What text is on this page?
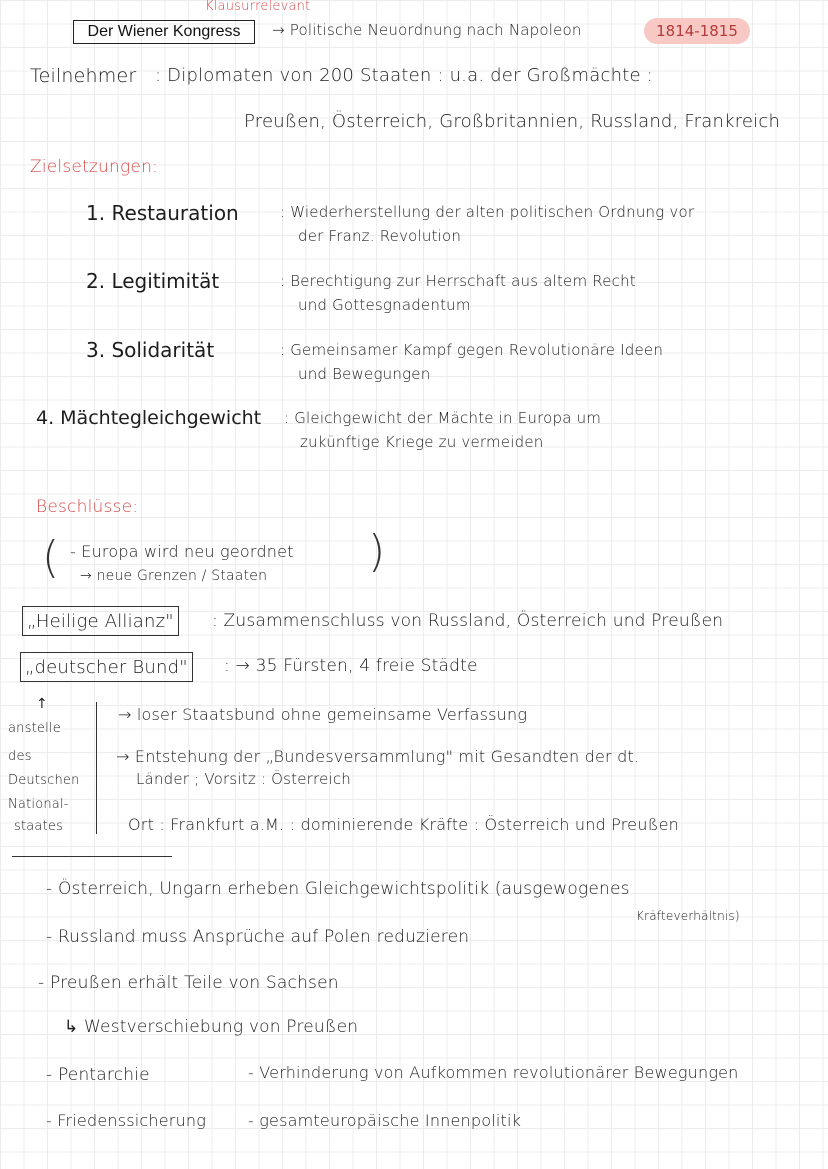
Klausurrelevant
Der Wiener Kongress	→ Politische Neuordnung nach Napoleon	1814-1815
Teilnehmer : Diplomaten von 200 Staaten : u.a. der Großmächte :
Preußen, Österreich, Großbritannien, Russland, Frankreich
Zielsetzungen:
1. Restauration	: Wiederherstellung der alten politischen Ordnung vor
der Franz. Revolution
2. Legitimität	: Berechtigung zur Herrschaft aus altem Recht
und Gottesgnadentum
3. Solidarität	: Gemeinsamer Kampf gegen Revolutionäre Ideen
und Bewegungen
4. Mächtegleichgewicht : Gleichgewicht der Mächte in Europa um
zukünftige Kriege zu vermeiden
Beschlüsse:
( - Europa wird neu geordnet
→ neue Grenzen / Staaten )
„Heilige Allianz" : Zusammenschluss von Russland, Österreich und Preußen
„deutscher Bund" : → 35 Fürsten, 4 freie Städte
↑
anstelle
des
Deutschen
National-
staates
→ loser Staatsbund ohne gemeinsame Verfassung
→ Entstehung der „Bundesversammlung" mit Gesandten der dt.
Länder ; Vorsitz : Österreich
Ort : Frankfurt a.M. : dominierende Kräfte : Österreich und Preußen
- Österreich, Ungarn erheben Gleichgewichtspolitik (ausgewogenes
Kräfteverhältnis)
- Russland muss Ansprüche auf Polen reduzieren
- Preußen erhält Teile von Sachsen
↳ Westverschiebung von Preußen
- Pentarchie	- Verhinderung von Aufkommen revolutionärer Bewegungen
- Friedenssicherung	- gesamteuropäische Innenpolitik
